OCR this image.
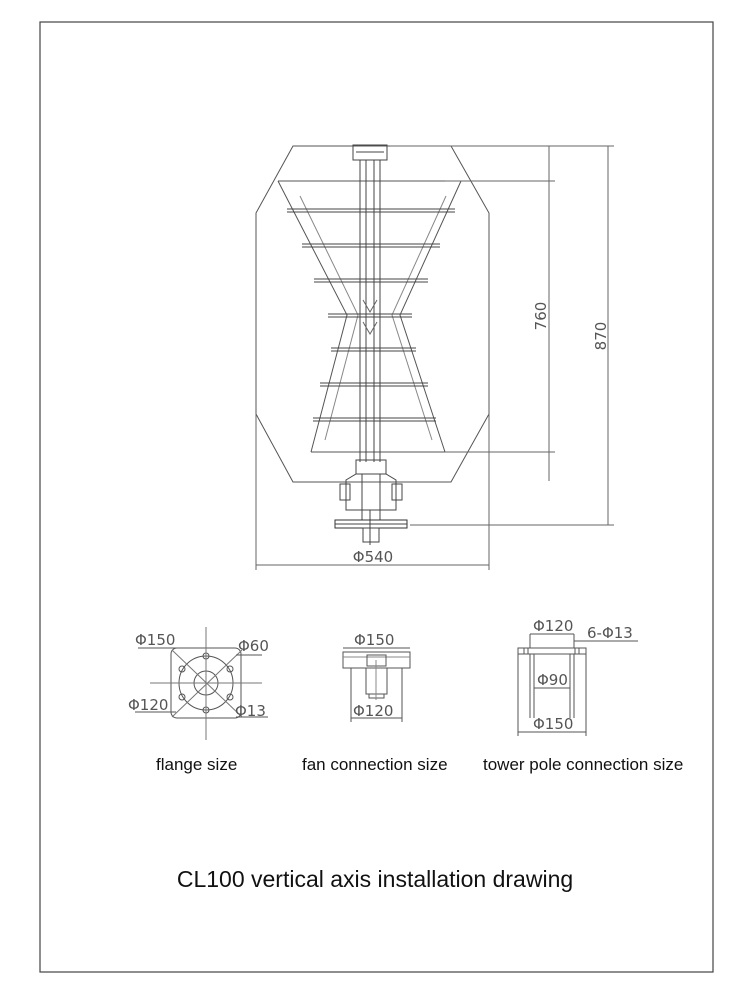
760
870
Φ540
Φ150	Φ60
Φ120	Φ13
Φ150
Φ120
Φ120 6-Φ13
Φ90
Φ150
flange size	fan connection size tower pole connection size
CL100 vertical axis installation drawing
